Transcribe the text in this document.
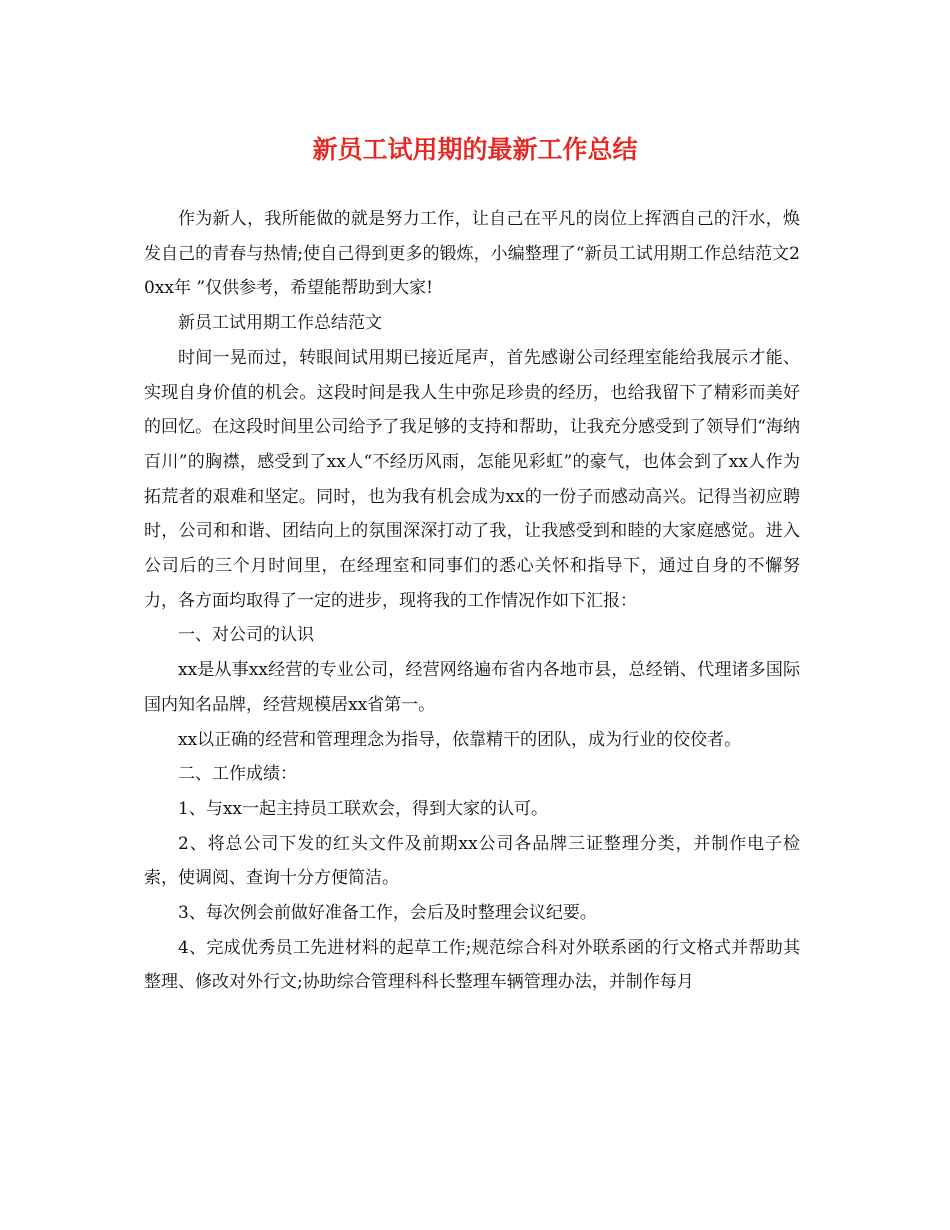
新员工试用期的最新工作总结

作为新人，我所能做的就是努力工作，让自己在平凡的岗位上挥洒自己的汗水，焕发自己的青春与热情;使自己得到更多的锻炼，小编整理了“新员工试用期工作总结范文20xx年 ”仅供参考，希望能帮助到大家!

新员工试用期工作总结范文

时间一晃而过，转眼间试用期已接近尾声，首先感谢公司经理室能给我展示才能、实现自身价值的机会。这段时间是我人生中弥足珍贵的经历，也给我留下了精彩而美好的回忆。在这段时间里公司给予了我足够的支持和帮助，让我充分感受到了领导们“海纳百川”的胸襟，感受到了xx人“不经历风雨，怎能见彩虹”的豪气，也体会到了xx人作为拓荒者的艰难和坚定。同时，也为我有机会成为xx的一份子而感动高兴。记得当初应聘时，公司和和谐、团结向上的氛围深深打动了我，让我感受到和睦的大家庭感觉。进入公司后的三个月时间里，在经理室和同事们的悉心关怀和指导下，通过自身的不懈努力，各方面均取得了一定的进步，现将我的工作情况作如下汇报：

一、对公司的认识

xx是从事xx经营的专业公司，经营网络遍布省内各地市县，总经销、代理诸多国际国内知名品牌，经营规模居xx省第一。

xx以正确的经营和管理理念为指导，依靠精干的团队，成为行业的佼佼者。

二、工作成绩：

1、与xx一起主持员工联欢会，得到大家的认可。

2、将总公司下发的红头文件及前期xx公司各品牌三证整理分类，并制作电子检索，使调阅、查询十分方便简洁。

3、每次例会前做好准备工作，会后及时整理会议纪要。

4、完成优秀员工先进材料的起草工作;规范综合科对外联系函的行文格式并帮助其整理、修改对外行文;协助综合管理科科长整理车辆管理办法，并制作每月
